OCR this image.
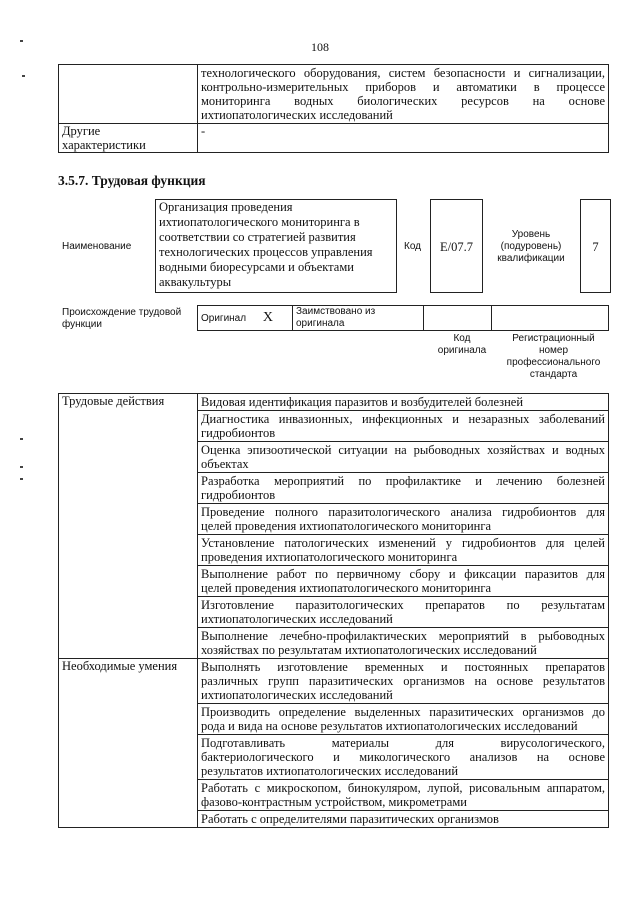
108

	технологического оборудования, систем безопасности и сигнализации,
контрольно-измерительных приборов и автоматики в процессе
мониторинга водных биологических ресурсов на основе
ихтиопатологических исследований

Другие
характеристики	-
3.5.7. Трудовая функция
Наименование
Организация проведения
ихтиопатологического мониторинга в
соответствии со стратегией развития
технологических процессов управления
водными биоресурсами и объектами
аквакультуры
Код	E/07.7
Уровень
(подуровень)
квалификации
7
Происхождение трудовой
функции
Оригинал X	Заимствовано из
оригинала

Код
оригинала
Регистрационный
номер
профессионального
стандарта
Трудовые действия	Видовая идентификация паразитов и возбудителей болезней

	Диагностика инвазионных, инфекционных и незаразных заболеваний
гидробионтов

	Оценка эпизоотической ситуации на рыбоводных хозяйствах и водных
объектах

	Разработка мероприятий по профилактике и лечению болезней
гидробионтов

	Проведение полного паразитологического анализа гидробионтов для
целей проведения ихтиопатологического мониторинга

	Установление патологических изменений у гидробионтов для целей
проведения ихтиопатологического мониторинга

	Выполнение работ по первичному сбору и фиксации паразитов для
целей проведения ихтиопатологического мониторинга

	Изготовление паразитологических препаратов по результатам
ихтиопатологических исследований

	Выполнение лечебно-профилактических мероприятий в рыбоводных
хозяйствах по результатам ихтиопатологических исследований

Необходимые умения	Выполнять изготовление временных и постоянных препаратов
различных групп паразитических организмов на основе результатов
ихтиопатологических исследований

	Производить определение выделенных паразитических организмов до
рода и вида на основе результатов ихтиопатологических исследований

	Подготавливать материалы для вирусологического,
бактериологического и микологического анализов на основе
результатов ихтиопатологических исследований

	Работать с микроскопом, бинокуляром, лупой, рисовальным аппаратом,
фазово-контрастным устройством, микрометрами

	Работать с определителями паразитических организмов
